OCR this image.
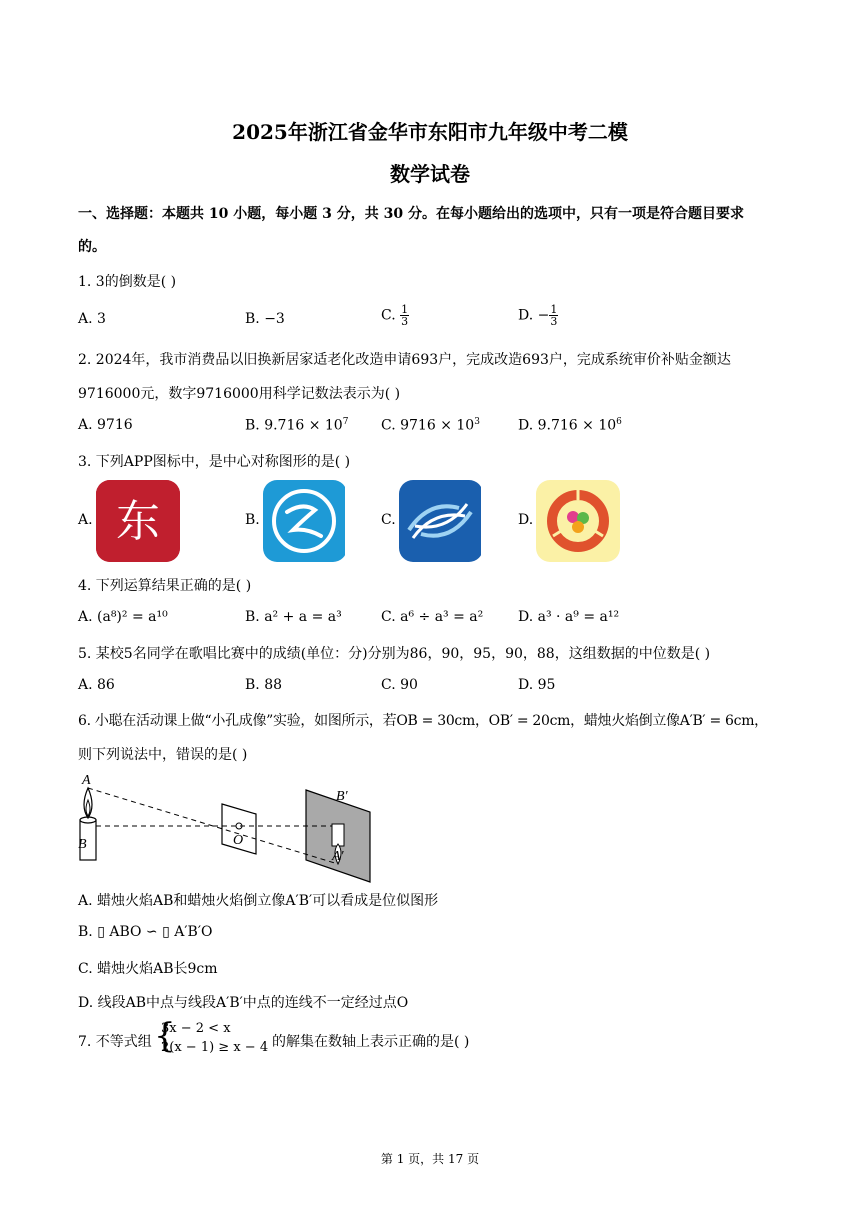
2025年浙江省金华市东阳市九年级中考二模
数学试卷
一、选择题：本题共 10 小题，每小题 3 分，共 30 分。在每小题给出的选项中，只有一项是符合题目要求
的。
1. 3的倒数是( )
A. 3	B. −3	C. $\frac{1}{3}$	D. − $\frac{1}{3}$
2. 2024年，我市消费品以旧换新居家适老化改造申请693户，完成改造693户，完成系统审价补贴金额达
9716000元，数字9716000用科学记数法表示为( )
A. 9716	B. $9.716 \times 10^7$ C. $9716 \times 10^3$	D. $9.716 \times 10^6$
3. 下列APP图标中，是中心对称图形的是( )
A. 东	B.	C.	D.
4. 下列运算结果正确的是( )
A. (a⁸)² = a¹⁰	B. a² + a = a³	C. a⁶ ÷ a³ = a² D. a³ · a⁹ = a¹²
5. 某校5名同学在歌唱比赛中的成绩(单位：分)分别为86，90，95，90，88，这组数据的中位数是( )
A. 86	B. 88	C. 90	D. 95
6. 小聪在活动课上做“小孔成像”实验，如图所示，若OB = 30cm，OB′ = 20cm，蜡烛火焰倒立像A′B′ = 6cm，
则下列说法中，错误的是( )
A
B	O
B′
A′
A. 蜡烛火焰AB和蜡烛火焰倒立像A′B′可以看成是位似图形
B. ▯ ABO ∽ ▯ A′B′O
C. 蜡烛火焰AB长9cm
D. 线段AB中点与线段A′B′中点的连线不一定经过点O
7. 不等式组 {
3x − 2 < x
2(x − 1) ≥ x − 4 的解集在数轴上表示正确的是( )
第 1 页，共 17 页
